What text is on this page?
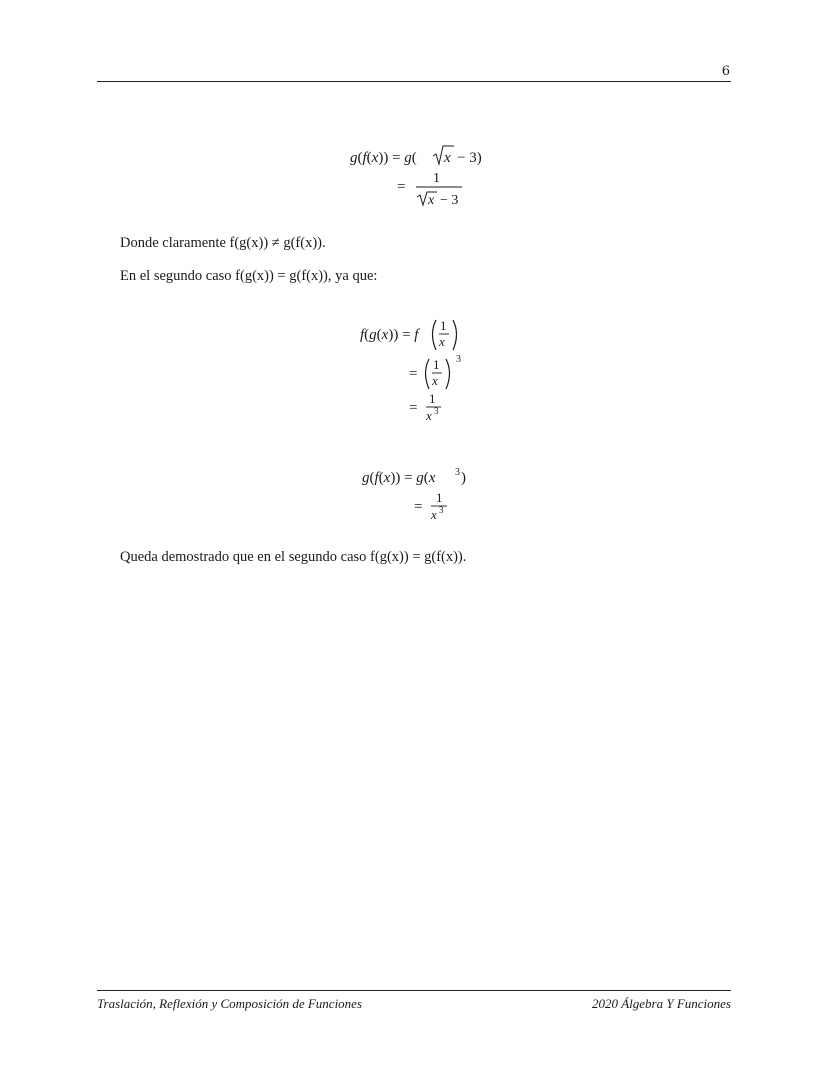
6
g(f(x)) = g( x − 3)
=
1
x − 3
Donde claramente f(g(x)) ≠ g(f(x)).
En el segundo caso f(g(x)) = g(f(x)), ya que:
f(g(x)) = f
1
x
=
1
x
3
=
1
x 3
g(f(x)) = g(x 3 )
=
1
x 3
Queda demostrado que en el segundo caso f(g(x)) = g(f(x)).
Traslación, Reflexión y Composición de Funciones	2020 Álgebra Y Funciones
